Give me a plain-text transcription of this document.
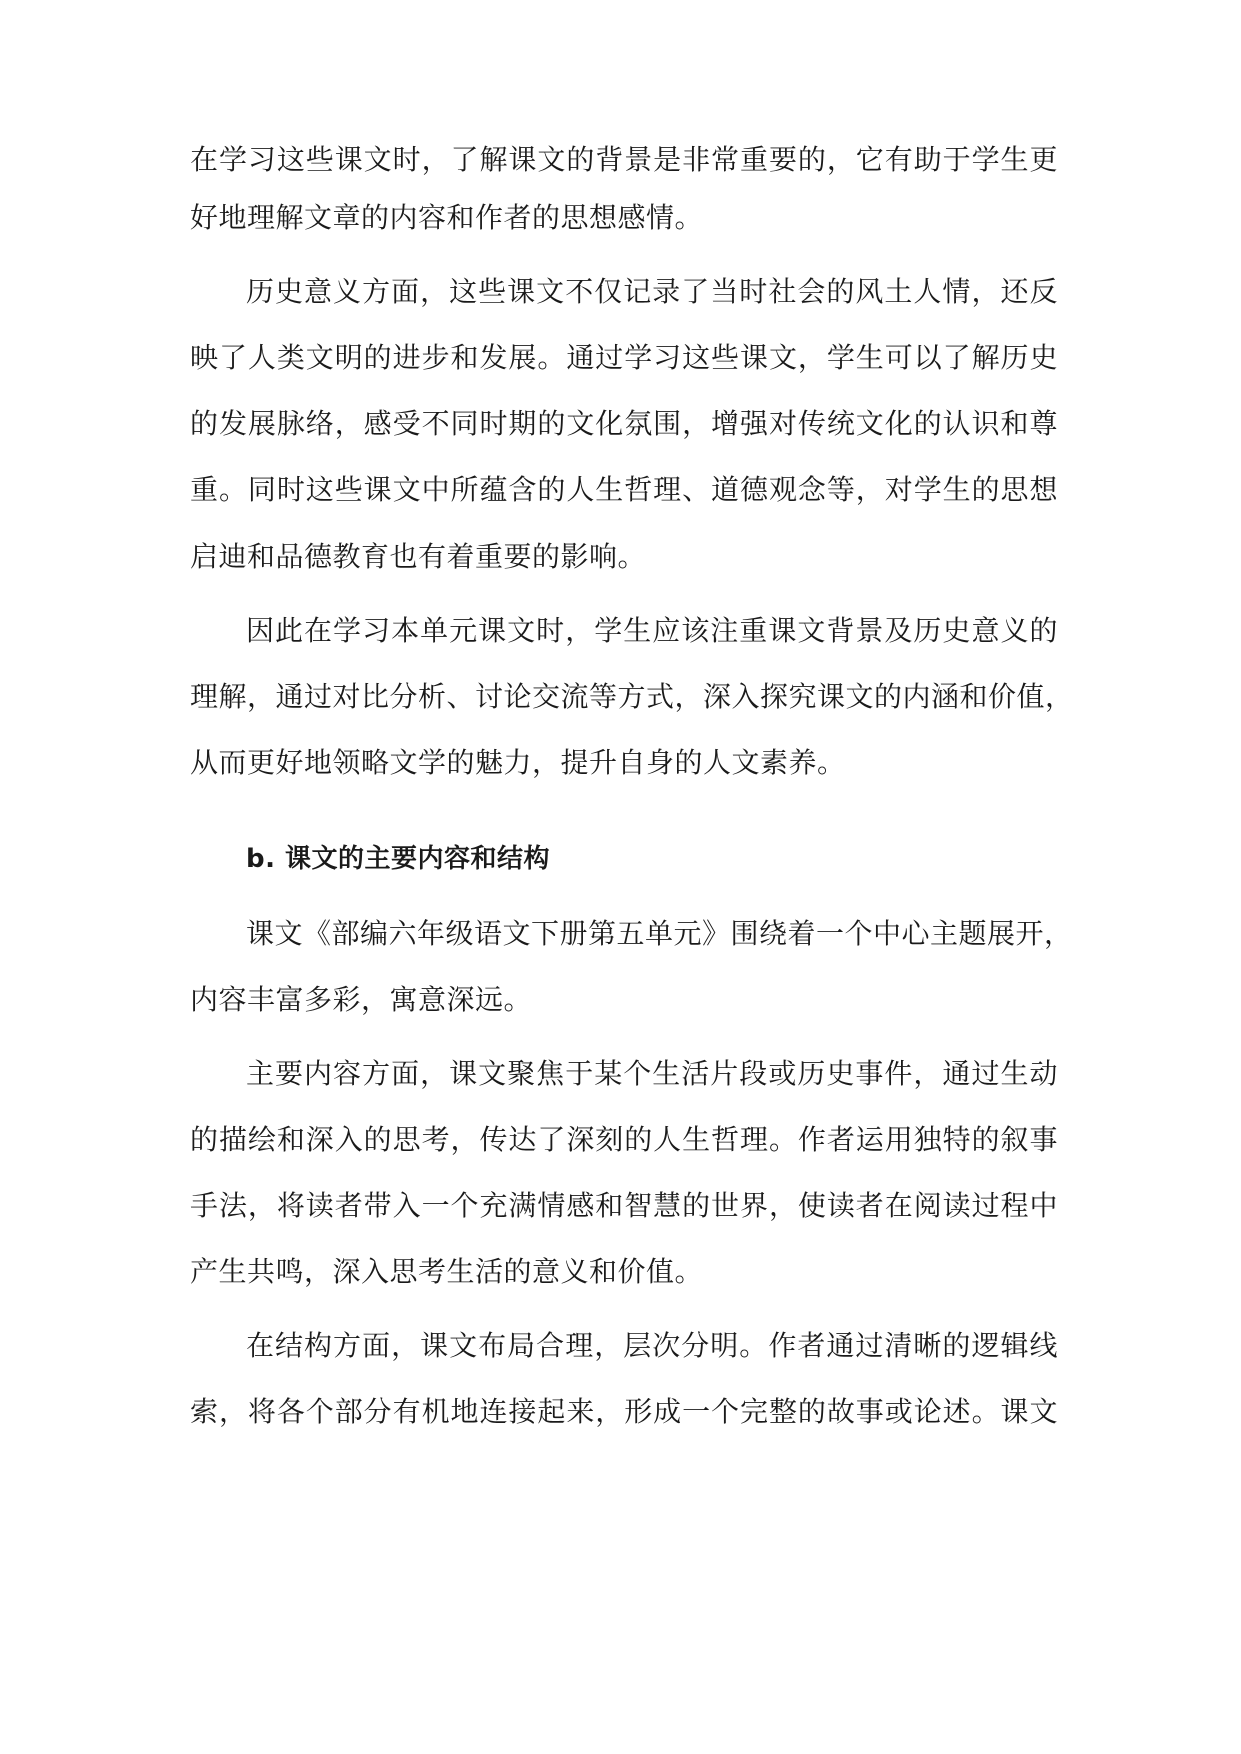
在学习这些课文时，了解课文的背景是非常重要的，它有助于学生更
好地理解文章的内容和作者的思想感情。
历史意义方面，这些课文不仅记录了当时社会的风土人情，还反
映了人类文明的进步和发展。通过学习这些课文，学生可以了解历史
的发展脉络，感受不同时期的文化氛围，增强对传统文化的认识和尊
重。同时这些课文中所蕴含的人生哲理、道德观念等，对学生的思想
启迪和品德教育也有着重要的影响。
因此在学习本单元课文时，学生应该注重课文背景及历史意义的
理解，通过对比分析、讨论交流等方式，深入探究课文的内涵和价值，
从而更好地领略文学的魅力，提升自身的人文素养。
b. 课文的主要内容和结构
课文《部编六年级语文下册第五单元》围绕着一个中心主题展开，
内容丰富多彩，寓意深远。
主要内容方面，课文聚焦于某个生活片段或历史事件，通过生动
的描绘和深入的思考，传达了深刻的人生哲理。作者运用独特的叙事
手法，将读者带入一个充满情感和智慧的世界，使读者在阅读过程中
产生共鸣，深入思考生活的意义和价值。
在结构方面，课文布局合理，层次分明。作者通过清晰的逻辑线
索，将各个部分有机地连接起来，形成一个完整的故事或论述。课文
